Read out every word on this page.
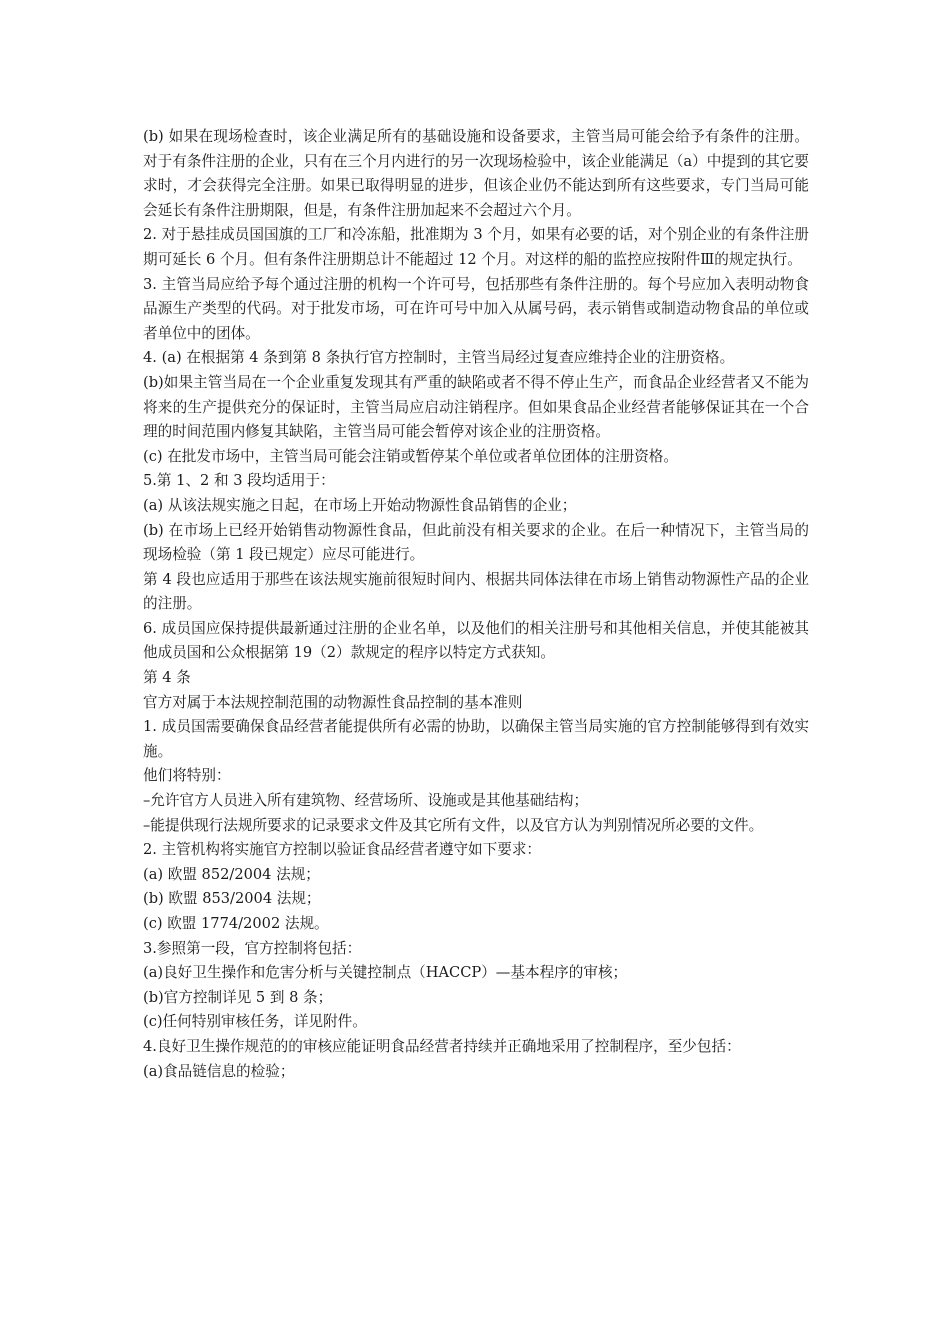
(b) 如果在现场检查时，该企业满足所有的基础设施和设备要求，主管当局可能会给予有条件的注册。对于有条件注册的企业，只有在三个月内进行的另一次现场检验中，该企业能满足（a）中提到的其它要求时，才会获得完全注册。如果已取得明显的进步，但该企业仍不能达到所有这些要求，专门当局可能会延长有条件注册期限，但是，有条件注册加起来不会超过六个月。

2. 对于悬挂成员国国旗的工厂和冷冻船，批准期为 3 个月，如果有必要的话，对个别企业的有条件注册期可延长 6 个月。但有条件注册期总计不能超过 12 个月。对这样的船的监控应按附件Ⅲ的规定执行。

3. 主管当局应给予每个通过注册的机构一个许可号，包括那些有条件注册的。每个号应加入表明动物食品源生产类型的代码。对于批发市场，可在许可号中加入从属号码，表示销售或制造动物食品的单位或者单位中的团体。

4. (a) 在根据第 4 条到第 8 条执行官方控制时，主管当局经过复查应维持企业的注册资格。

(b)如果主管当局在一个企业重复发现其有严重的缺陷或者不得不停止生产，而食品企业经营者又不能为将来的生产提供充分的保证时，主管当局应启动注销程序。但如果食品企业经营者能够保证其在一个合理的时间范围内修复其缺陷，主管当局可能会暂停对该企业的注册资格。

(c) 在批发市场中，主管当局可能会注销或暂停某个单位或者单位团体的注册资格。

5.第 1、2 和 3 段均适用于：

(a) 从该法规实施之日起，在市场上开始动物源性食品销售的企业；

(b) 在市场上已经开始销售动物源性食品，但此前没有相关要求的企业。在后一种情况下，主管当局的现场检验（第 1 段已规定）应尽可能进行。

第 4 段也应适用于那些在该法规实施前很短时间内、根据共同体法律在市场上销售动物源性产品的企业的注册。

6. 成员国应保持提供最新通过注册的企业名单，以及他们的相关注册号和其他相关信息，并使其能被其他成员国和公众根据第 19（2）款规定的程序以特定方式获知。

第 4 条

官方对属于本法规控制范围的动物源性食品控制的基本准则

1. 成员国需要确保食品经营者能提供所有必需的协助，以确保主管当局实施的官方控制能够得到有效实施。

他们将特别：

–允许官方人员进入所有建筑物、经营场所、设施或是其他基础结构；

–能提供现行法规所要求的记录要求文件及其它所有文件，以及官方认为判别情况所必要的文件。

2. 主管机构将实施官方控制以验证食品经营者遵守如下要求：

(a) 欧盟 852/2004 法规；

(b) 欧盟 853/2004 法规；

(c) 欧盟 1774/2002 法规。

3.参照第一段，官方控制将包括：

(a)良好卫生操作和危害分析与关键控制点（HACCP）—基本程序的审核；

(b)官方控制详见 5 到 8 条；

(c)任何特别审核任务，详见附件。

4.良好卫生操作规范的的审核应能证明食品经营者持续并正确地采用了控制程序，至少包括：

(a)食品链信息的检验；
